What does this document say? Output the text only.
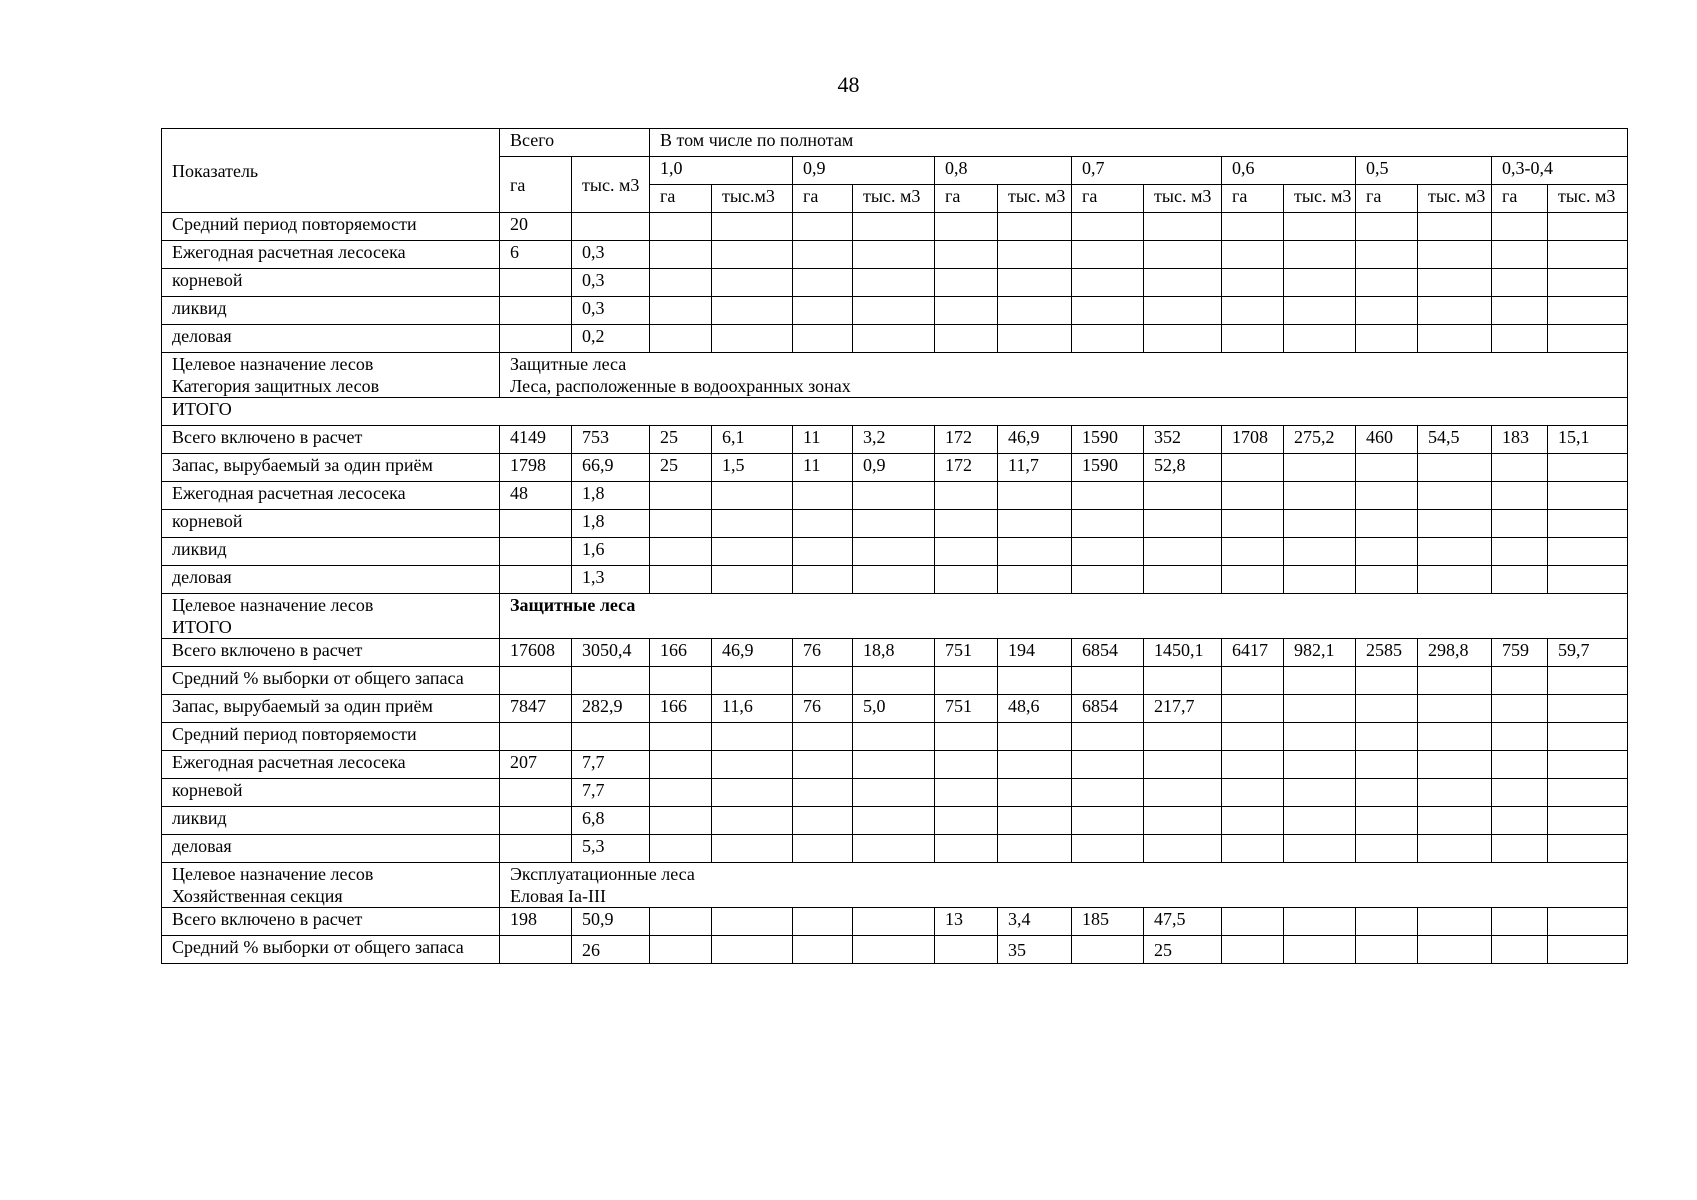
48
Показатель	Всего		В том числе по полнотам													
	га	тыс. м3	1,0		0,9		0,8		0,7		0,6		0,5		0,3-0,4	
			га	тыс.м3	га	тыс. м3	га	тыс. м3	га	тыс. м3	га	тыс. м3	га	тыс. м3	га	тыс. м3
Средний период повторяемости	20															
Ежегодная расчетная лесосека	6	0,3														
корневой		0,3														
ликвид		0,3														
деловая		0,2														

Целевое назначение лесов
Категория защитных лесов	Защитные леса
Леса, расположенные в водоохранных зонах															

ИТОГО																
Всего включено в расчет	4149	753	25	6,1	11	3,2	172	46,9	1590	352	1708	275,2	460	54,5	183	15,1
Запас, вырубаемый за один приём	1798	66,9	25	1,5	11	0,9	172	11,7	1590	52,8						
Ежегодная расчетная лесосека	48	1,8														
корневой		1,8														
ликвид		1,6														
деловая		1,3														

Целевое назначение лесов
ИТОГО	Защитные леса															

Всего включено в расчет	17608	3050,4	166	46,9	76	18,8	751	194	6854	1450,1	6417	982,1	2585	298,8	759	59,7
Средний % выборки от общего запаса																
Запас, вырубаемый за один приём	7847	282,9	166	11,6	76	5,0	751	48,6	6854	217,7						
Средний период повторяемости																
Ежегодная расчетная лесосека	207	7,7														
корневой		7,7														
ликвид		6,8														
деловая		5,3														

Целевое назначение лесов
Хозяйственная секция	Эксплуатационные леса
Еловая Ia-III															

Всего включено в расчет	198	50,9					13	3,4	185	47,5						
Средний % выборки от общего запаса		26						35		25						
